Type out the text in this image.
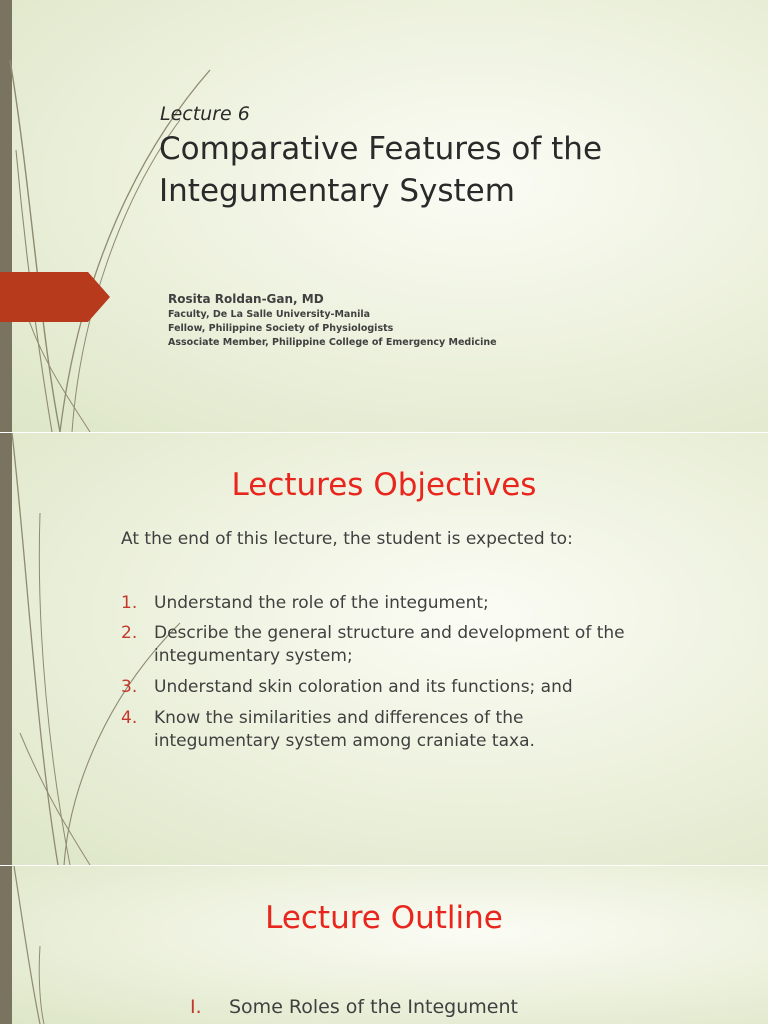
Lecture 6
Comparative Features of the
Integumentary System
Rosita Roldan-Gan, MD
Faculty, De La Salle University-Manila
Fellow, Philippine Society of Physiologists
Associate Member, Philippine College of Emergency Medicine
Lectures Objectives
At the end of this lecture, the student is expected to:
1. Understand the role of the integument;
2. Describe the general structure and development of the integumentary system;
3. Understand skin coloration and its functions; and
4. Know the similarities and differences of the integumentary system among craniate taxa.
Lecture Outline
I. Some Roles of the Integument
